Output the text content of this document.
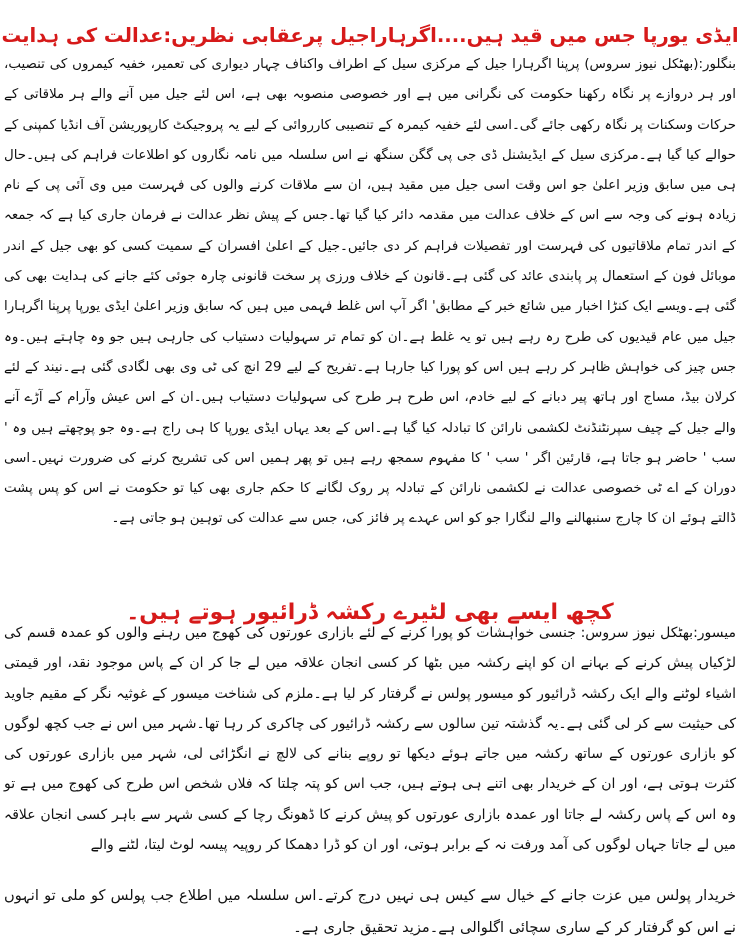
ایڈی یورپا جس میں قید ہیں....اگرہاراجیل پرعقابی نظریں:عدالت کی ہدایت

بنگلور:(بھٹکل نیوز سروس) پرپنا اگرہارا جیل کے مرکزی سیل کے اطراف واکناف چہار دیواری کی تعمیر، خفیہ کیمروں کی تنصیب، اور ہر دروازے پر نگاہ رکھنا حکومت کی نگرانی میں ہے اور خصوصی منصوبہ بھی ہے، اس لئے جیل میں آنے والے ہر ملاقاتی کے حرکات وسکنات پر نگاہ رکھی جائے گی۔اسی لئے خفیہ کیمرہ کے تنصیبی کارروائی کے لیے یہ پروجیکٹ کارپوریشن آف انڈیا کمپنی کے حوالے کیا گیا ہے۔مرکزی سیل کے ایڈیشنل ڈی جی پی گگن سنگھ نے اس سلسلہ میں نامہ نگاروں کو اطلاعات فراہم کی ہیں۔حال ہی میں سابق وزیر اعلیٰ جو اس وقت اسی جیل میں مقید ہیں، ان سے ملاقات کرنے والوں کی فہرست میں وی آئی پی کے نام زیادہ ہونے کی وجہ سے اس کے خلاف عدالت میں مقدمہ دائر کیا گیا تھا۔جس کے پیش نظر عدالت نے فرمان جاری کیا ہے کہ جمعہ کے اندر تمام ملاقاتیوں کی فہرست اور تفصیلات فراہم کر دی جائیں۔جیل کے اعلیٰ افسران کے سمیت کسی کو بھی جیل کے اندر موبائل فون کے استعمال پر پابندی عائد کی گئی ہے۔قانون کے خلاف ورزی پر سخت قانونی چارہ جوئی کئے جانے کی ہدایت بھی کی گئی ہے۔ویسے ایک کنڑا اخبار میں شائع خبر کے مطابق' اگر آپ اس غلط فہمی میں ہیں کہ سابق وزیر اعلیٰ ایڈی یورپا پرپنا اگرہارا جیل میں عام قیدیوں کی طرح رہ رہے ہیں تو یہ غلط ہے۔ان کو تمام تر سہولیات دستیاب کی جارہی ہیں جو وہ چاہتے ہیں۔وہ جس چیز کی خواہش ظاہر کر رہے ہیں اس کو پورا کیا جارہا ہے۔تفریح کے لیے 29 انچ کی ٹی وی بھی لگادی گئی ہے۔نیند کے لئے کرلان بیڈ، مساج اور ہاتھ پیر دبانے کے لیے خادم، اس طرح ہر طرح کی سہولیات دستیاب ہیں۔ان کے اس عیش وآرام کے آڑے آنے والے جیل کے چیف سپرنٹنڈنٹ لکشمی نارائن کا تبادلہ کیا گیا ہے۔اس کے بعد یہاں ایڈی یورپا کا ہی راج ہے۔وہ جو پوچھتے ہیں وہ ' سب ' حاضر ہو جاتا ہے، قارئین اگر ' سب ' کا مفہوم سمجھ رہے ہیں تو پھر ہمیں اس کی تشریح کرنے کی ضرورت نہیں۔اسی دوران کے اے ٹی خصوصی عدالت نے لکشمی نارائن کے تبادلہ پر روک لگانے کا حکم جاری بھی کیا تو حکومت نے اس کو پس پشت ڈالتے ہوئے ان کا چارج سنبھالنے والے لنگارا جو کو اس عہدے پر فائز کی، جس سے عدالت کی توہین ہو جاتی ہے۔

کچھ ایسے بھی لٹیرے رکشہ ڈرائیور ہوتے ہیں۔

میسور:بھٹکل نیوز سروس: جنسی خواہشات کو پورا کرنے کے لئے بازاری عورتوں کی کھوج میں رہنے والوں کو عمدہ قسم کی لڑکیاں پیش کرنے کے بہانے ان کو اپنے رکشہ میں بٹھا کر کسی انجان علاقہ میں لے جا کر ان کے پاس موجود نقد، اور قیمتی اشیاء لوٹنے والے ایک رکشہ ڈرائیور کو میسور پولس نے گرفتار کر لیا ہے۔ملزم کی شناخت میسور کے غوثیہ نگر کے مقیم جاوید کی حیثیت سے کر لی گئی ہے۔یہ گذشتہ تین سالوں سے رکشہ ڈرائیور کی چاکری کر رہا تھا۔شہر میں اس نے جب کچھ لوگوں کو بازاری عورتوں کے ساتھ رکشہ میں جاتے ہوئے دیکھا تو روپے بنانے کی لالچ نے انگڑائی لی، شہر میں بازاری عورتوں کی کثرت ہوتی ہے، اور ان کے خریدار بھی اتنے ہی ہوتے ہیں، جب اس کو پتہ چلتا کہ فلاں شخص اس طرح کی کھوج میں ہے تو وہ اس کے پاس رکشہ لے جاتا اور عمدہ بازاری عورتوں کو پیش کرنے کا ڈھونگ رچا کے کسی شہر سے باہر کسی انجان علاقہ میں لے جاتا جہاں لوگوں کی آمد ورفت نہ کے برابر ہوتی، اور ان کو ڈرا دھمکا کر روپیہ پیسہ لوٹ لیتا، لٹنے والے

خریدار پولس میں عزت جانے کے خیال سے کیس ہی نہیں درج کرتے۔اس سلسلہ میں اطلاع جب پولس کو ملی تو انہوں نے اس کو گرفتار کر کے ساری سچائی اگلوالی ہے۔مزید تحقیق جاری ہے۔
